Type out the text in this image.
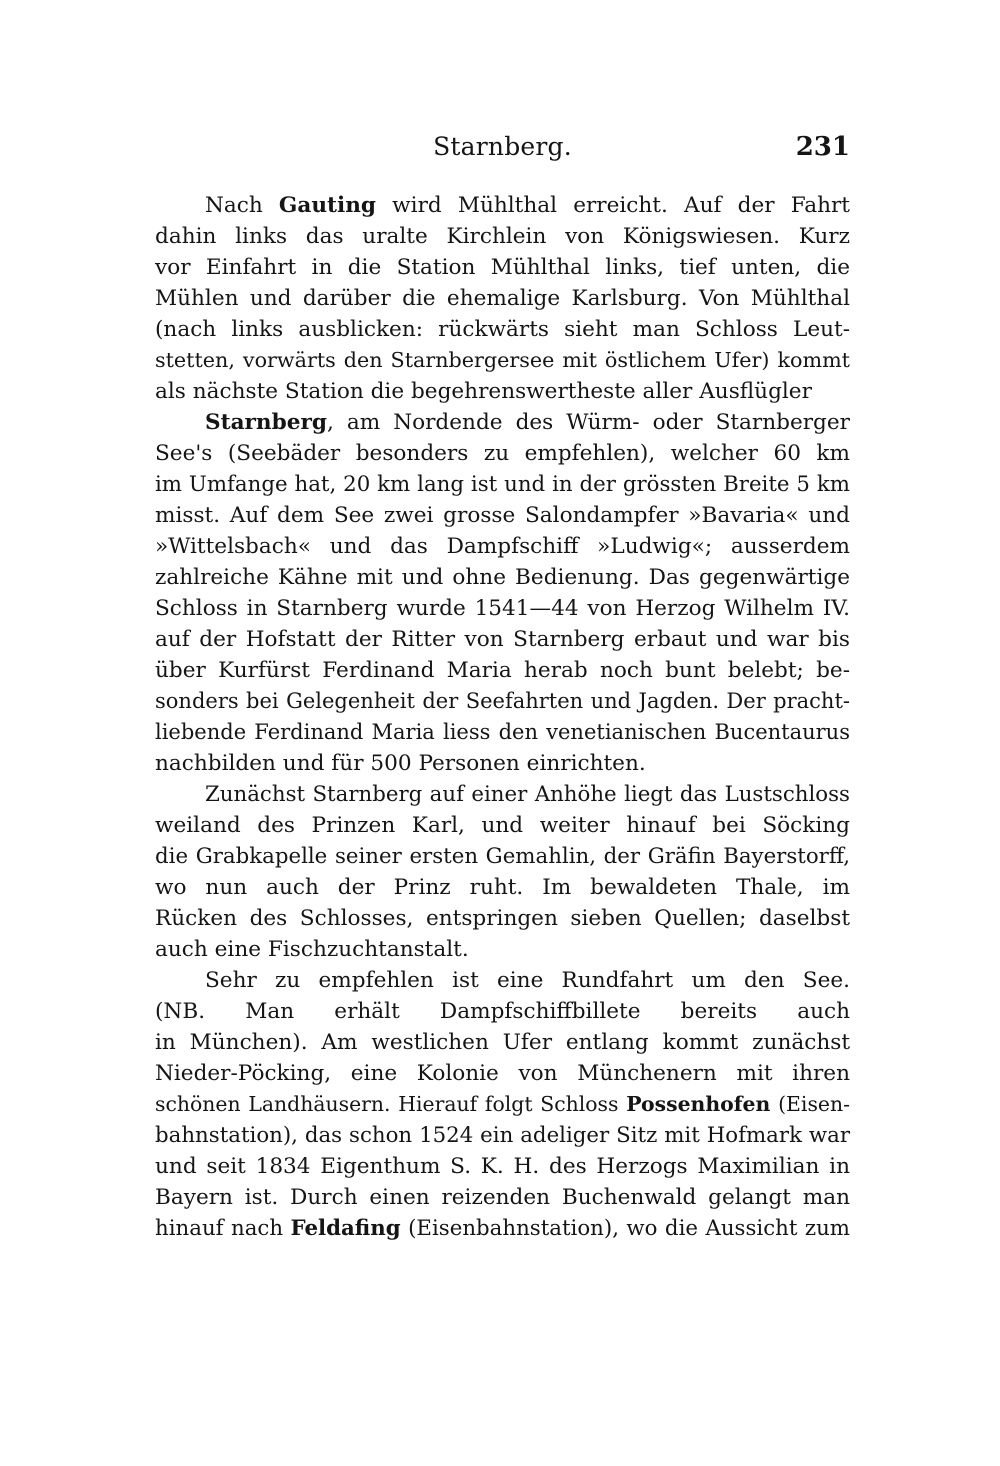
Starnberg.	231
Nach Gauting wird Mühlthal erreicht. Auf der Fahrt
dahin links das uralte Kirchlein von Königswiesen. Kurz
vor Einfahrt in die Station Mühlthal links, tief unten, die
Mühlen und darüber die ehemalige Karlsburg. Von Mühlthal
(nach links ausblicken: rückwärts sieht man Schloss Leut-
stetten, vorwärts den Starnbergersee mit östlichem Ufer) kommt
als nächste Station die begehrenswertheste aller Ausflügler
Starnberg, am Nordende des Würm- oder Starnberger
See's (Seebäder besonders zu empfehlen), welcher 60 km
im Umfange hat, 20 km lang ist und in der grössten Breite 5 km
misst. Auf dem See zwei grosse Salondampfer »Bavaria« und
»Wittelsbach« und das Dampfschiff »Ludwig«; ausserdem
zahlreiche Kähne mit und ohne Bedienung. Das gegenwärtige
Schloss in Starnberg wurde 1541—44 von Herzog Wilhelm IV.
auf der Hofstatt der Ritter von Starnberg erbaut und war bis
über Kurfürst Ferdinand Maria herab noch bunt belebt; be-
sonders bei Gelegenheit der Seefahrten und Jagden. Der pracht-
liebende Ferdinand Maria liess den venetianischen Bucentaurus
nachbilden und für 500 Personen einrichten.
Zunächst Starnberg auf einer Anhöhe liegt das Lustschloss
weiland des Prinzen Karl, und weiter hinauf bei Söcking
die Grabkapelle seiner ersten Gemahlin, der Gräfin Bayerstorff,
wo nun auch der Prinz ruht. Im bewaldeten Thale, im
Rücken des Schlosses, entspringen sieben Quellen; daselbst
auch eine Fischzuchtanstalt.
Sehr zu empfehlen ist eine Rundfahrt um den See.
(NB. Man erhält Dampfschiffbillete bereits auch
in München). Am westlichen Ufer entlang kommt zunächst
Nieder-Pöcking, eine Kolonie von Münchenern mit ihren
schönen Landhäusern. Hierauf folgt Schloss Possenhofen (Eisen-
bahnstation), das schon 1524 ein adeliger Sitz mit Hofmark war
und seit 1834 Eigenthum S. K. H. des Herzogs Maximilian in
Bayern ist. Durch einen reizenden Buchenwald gelangt man
hinauf nach Feldafing (Eisenbahnstation), wo die Aussicht zum
